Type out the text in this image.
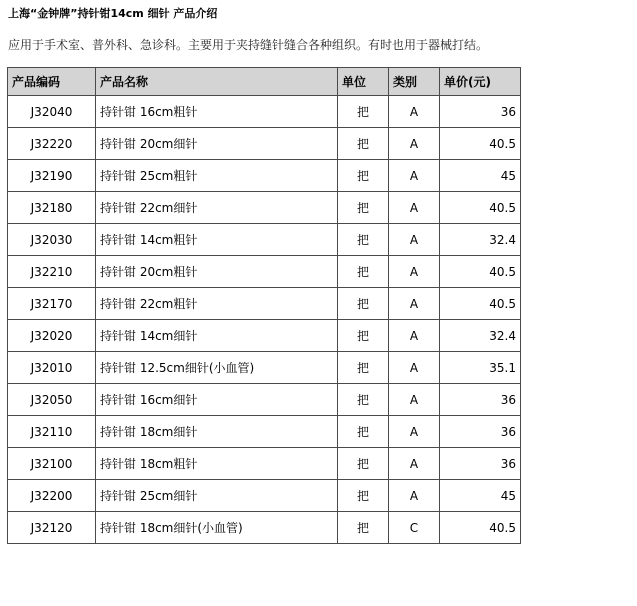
上海“金钟牌”持针钳14cm 细针 产品介绍
应用于手术室、普外科、急诊科。主要用于夹持缝针缝合各种组织。有时也用于器械打结。
产品编码	产品名称	单位	类别	单价(元)
J32040	持针钳 16cm粗针	把	A	36
J32220	持针钳 20cm细针	把	A	40.5
J32190	持针钳 25cm粗针	把	A	45
J32180	持针钳 22cm细针	把	A	40.5
J32030	持针钳 14cm粗针	把	A	32.4
J32210	持针钳 20cm粗针	把	A	40.5
J32170	持针钳 22cm粗针	把	A	40.5
J32020	持针钳 14cm细针	把	A	32.4
J32010	持针钳 12.5cm细针(小血管)	把	A	35.1
J32050	持针钳 16cm细针	把	A	36
J32110	持针钳 18cm细针	把	A	36
J32100	持针钳 18cm粗针	把	A	36
J32200	持针钳 25cm细针	把	A	45
J32120	持针钳 18cm细针(小血管)	把	C	40.5
